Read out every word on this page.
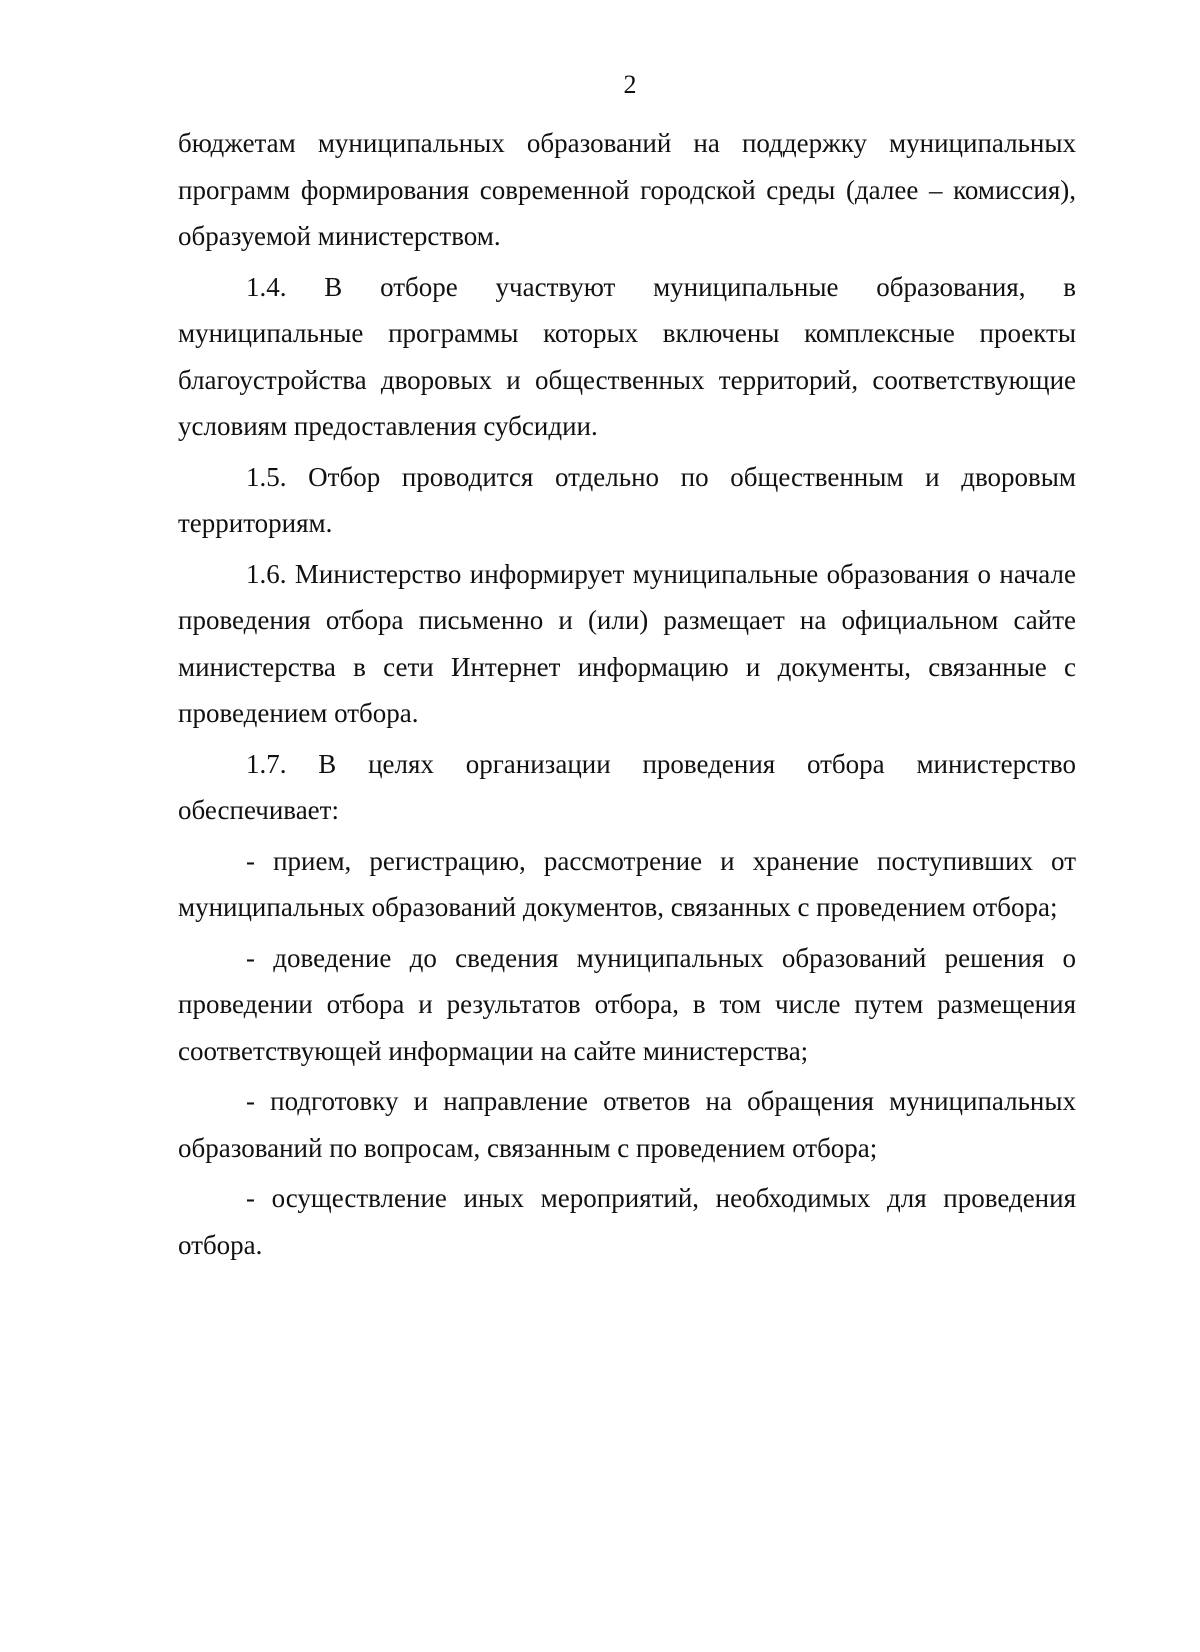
2

бюджетам муниципальных образований на поддержку муниципальных программ формирования современной городской среды (далее – комиссия), образуемой министерством.

1.4. В отборе участвуют муниципальные образования, в муниципальные программы которых включены комплексные проекты благоустройства дворовых и общественных территорий, соответствующие условиям предоставления субсидии.

1.5. Отбор проводится отдельно по общественным и дворовым территориям.

1.6. Министерство информирует муниципальные образования о начале проведения отбора письменно и (или) размещает на официальном сайте министерства в сети Интернет информацию и документы, связанные с проведением отбора.

1.7. В целях организации проведения отбора министерство обеспечивает:

- прием, регистрацию, рассмотрение и хранение поступивших от муниципальных образований документов, связанных с проведением отбора;

- доведение до сведения муниципальных образований решения о проведении отбора и результатов отбора, в том числе путем размещения соответствующей информации на сайте министерства;

- подготовку и направление ответов на обращения муниципальных образований по вопросам, связанным с проведением отбора;

- осуществление иных мероприятий, необходимых для проведения отбора.
